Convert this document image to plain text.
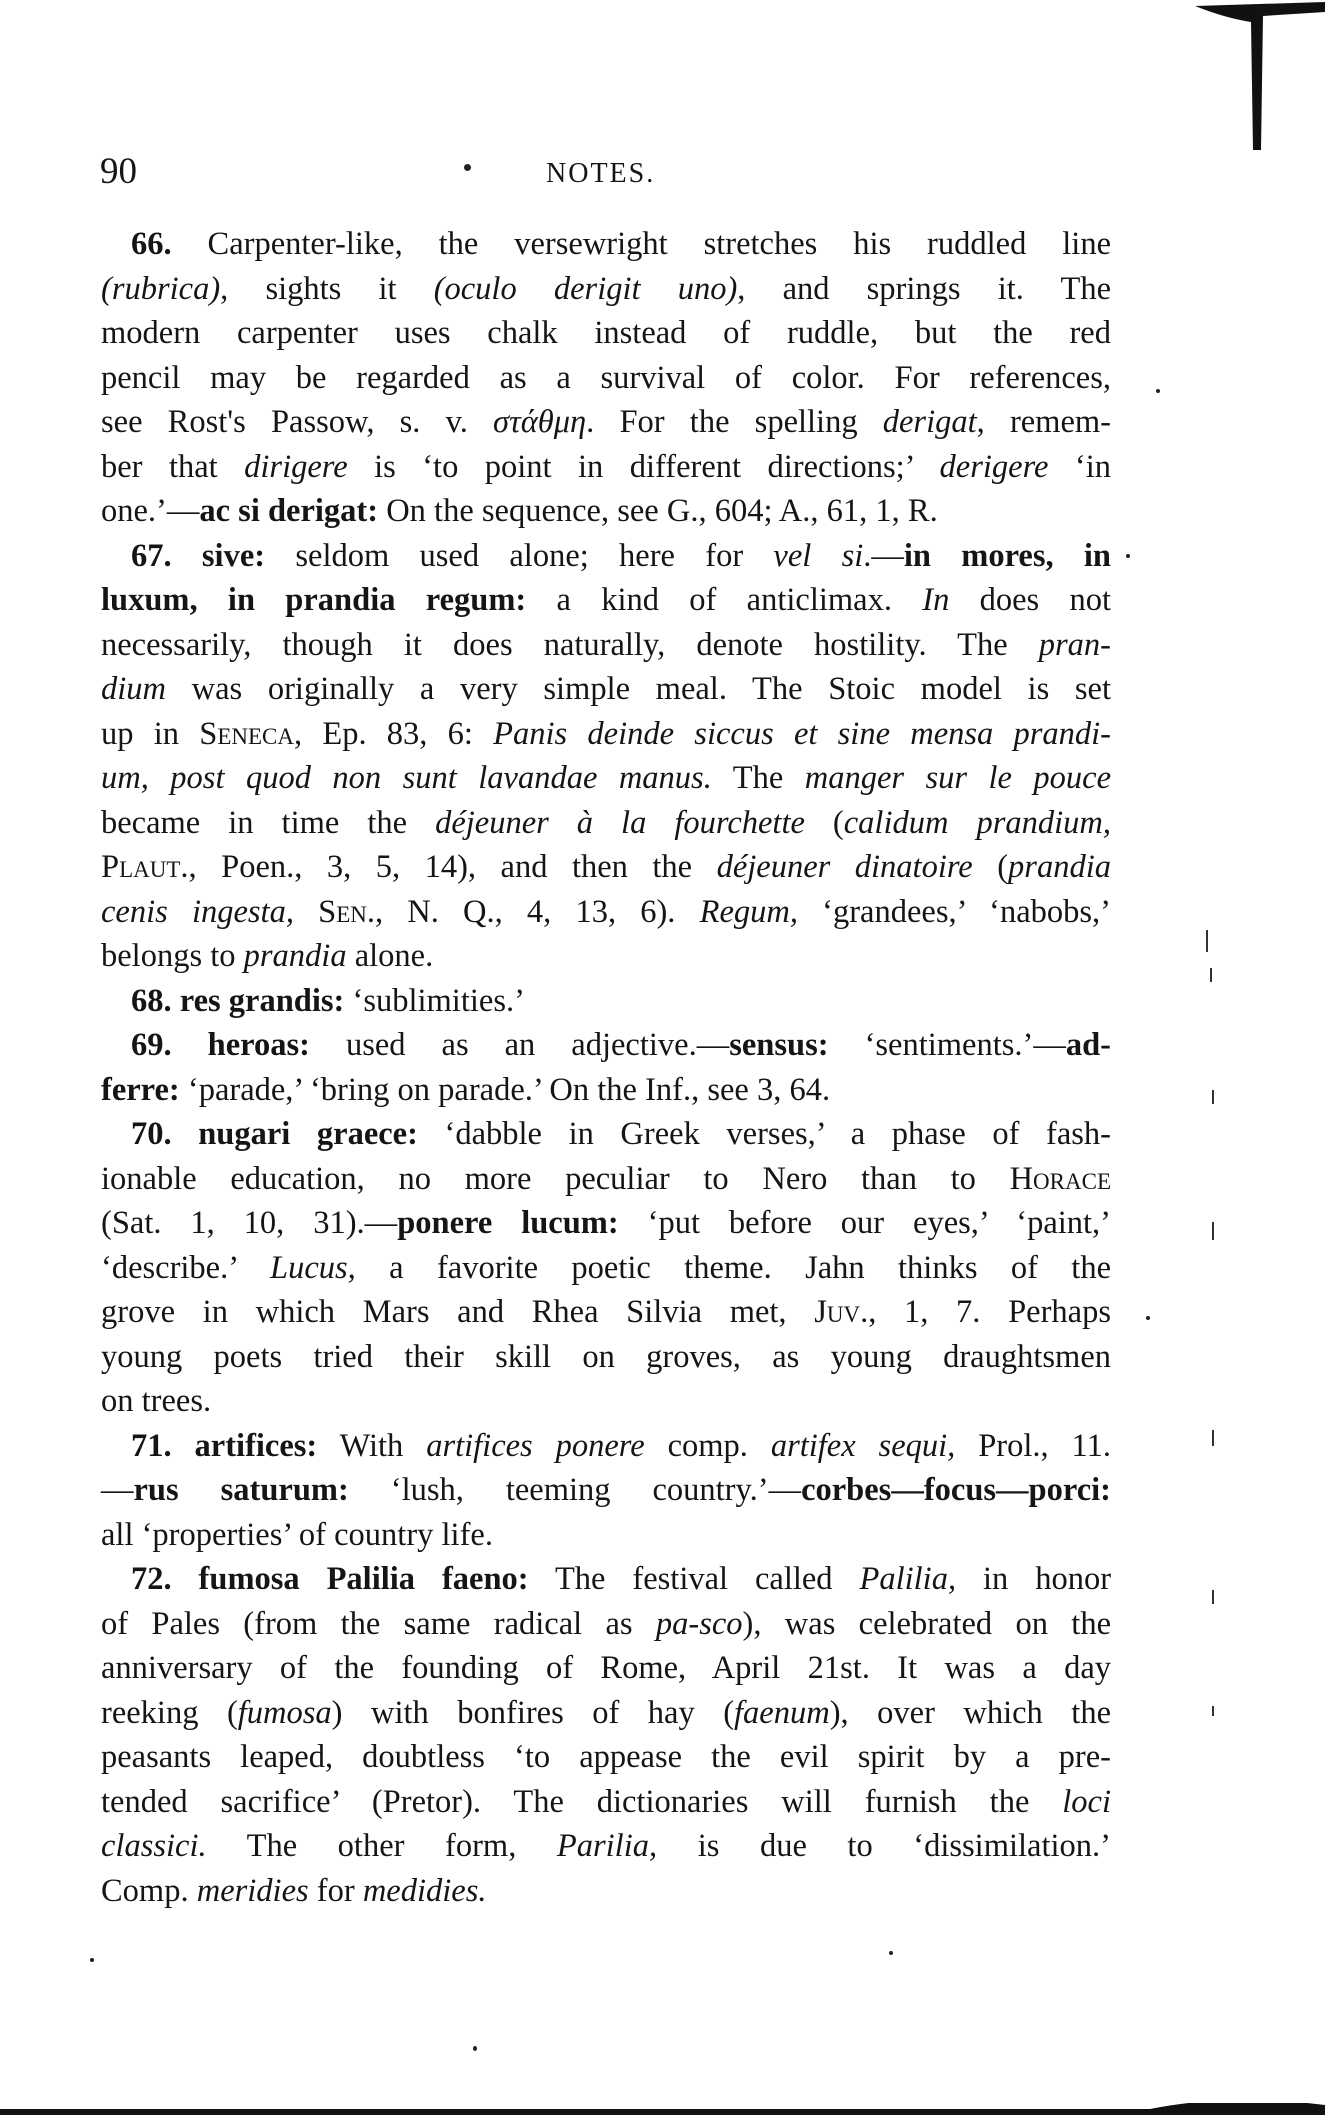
90	NOTES.
66. Carpenter-like, the versewright stretches his ruddled line
(rubrica), sights it (oculo derigit uno), and springs it. The
modern carpenter uses chalk instead of ruddle, but the red
pencil may be regarded as a survival of color. For references,
see Rost's Passow, s. v. στάθμη. For the spelling derigat, remem-
ber that dirigere is ‘to point in different directions;’ derigere ‘in
one.’—ac si derigat: On the sequence, see G., 604; A., 61, 1, R.
67. sive: seldom used alone; here for vel si.—in mores, in
luxum, in prandia regum: a kind of anticlimax. In does not
necessarily, though it does naturally, denote hostility. The pran-
dium was originally a very simple meal. The Stoic model is set
up in Seneca, Ep. 83, 6: Panis deinde siccus et sine mensa prandi-
um, post quod non sunt lavandae manus. The manger sur le pouce
became in time the déjeuner à la fourchette (calidum prandium,
Plaut., Poen., 3, 5, 14), and then the déjeuner dinatoire (prandia
cenis ingesta, Sen., N. Q., 4, 13, 6). Regum, ‘grandees,’ ‘nabobs,’
belongs to prandia alone.
68. res grandis: ‘sublimities.’
69. heroas: used as an adjective.—sensus: ‘sentiments.’—ad-
ferre: ‘parade,’ ‘bring on parade.’ On the Inf., see 3, 64.
70. nugari graece: ‘dabble in Greek verses,’ a phase of fash-
ionable education, no more peculiar to Nero than to Horace
(Sat. 1, 10, 31).—ponere lucum: ‘put before our eyes,’ ‘paint,’
‘describe.’ Lucus, a favorite poetic theme. Jahn thinks of the
grove in which Mars and Rhea Silvia met, Juv., 1, 7. Perhaps
young poets tried their skill on groves, as young draughtsmen
on trees.
71. artifices: With artifices ponere comp. artifex sequi, Prol., 11.
—rus saturum: ‘lush, teeming country.’—corbes—focus—porci:
all ‘properties’ of country life.
72. fumosa Palilia faeno: The festival called Palilia, in honor
of Pales (from the same radical as pa-sco), was celebrated on the
anniversary of the founding of Rome, April 21st. It was a day
reeking (fumosa) with bonfires of hay (faenum), over which the
peasants leaped, doubtless ‘to appease the evil spirit by a pre-
tended sacrifice’ (Pretor). The dictionaries will furnish the loci
classici. The other form, Parilia, is due to ‘dissimilation.’
Comp. meridies for medidies.
